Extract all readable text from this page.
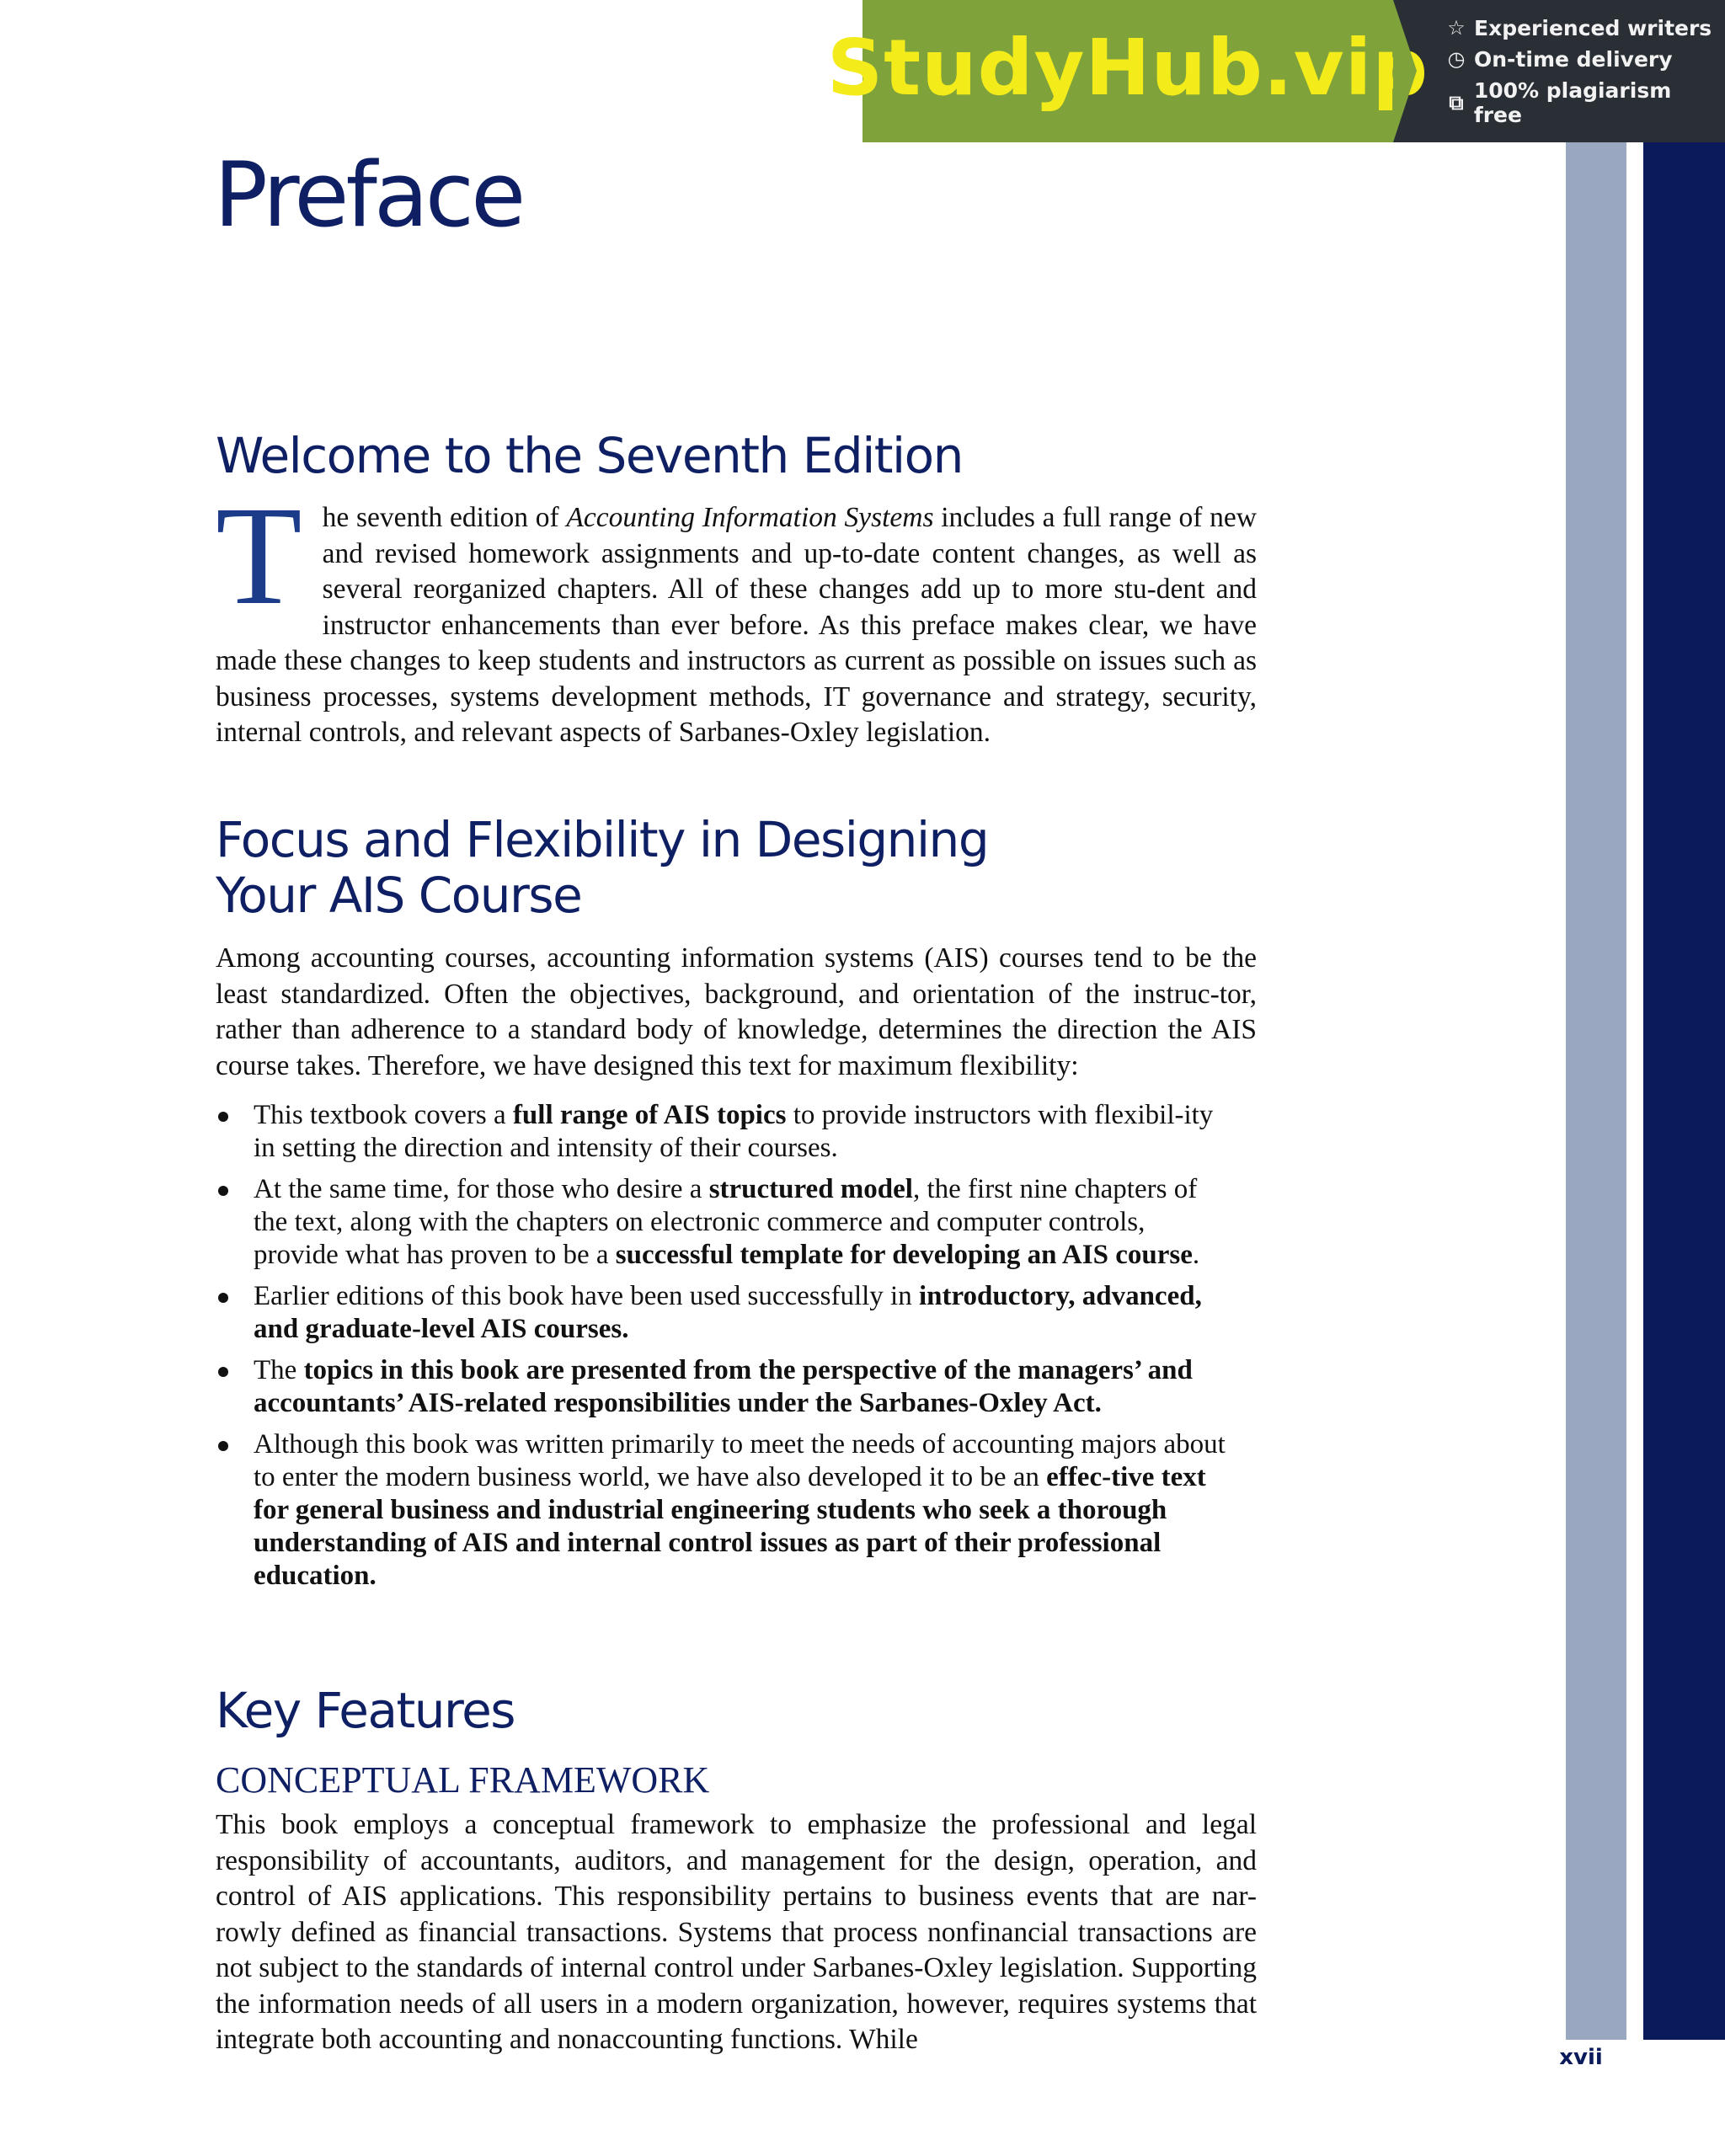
StudyHub.vip ☆ Experienced writers
◷ On-time delivery
⧉ 100% plagiarism free
xvii
Preface
Welcome to the Seventh Edition

The seventh edition of Accounting Information Systems includes a full range of new and revised homework assignments and up-to-date content changes, as well as several reorganized chapters. All of these changes add up to more stu-dent and instructor enhancements than ever before. As this preface makes clear, we have made these changes to keep students and instructors as current as possible on issues such as business processes, systems development methods, IT governance and strategy, security, internal controls, and relevant aspects of Sarbanes-Oxley legislation.

Focus and Flexibility in Designing
Your AIS Course

Among accounting courses, accounting information systems (AIS) courses tend to be the least standardized. Often the objectives, background, and orientation of the instruc-tor, rather than adherence to a standard body of knowledge, determines the direction the AIS course takes. Therefore, we have designed this text for maximum flexibility:

This textbook covers a full range of AIS topics to provide instructors with flexibil-ity in setting the direction and intensity of their courses.
At the same time, for those who desire a structured model, the first nine chapters of the text, along with the chapters on electronic commerce and computer controls, provide what has proven to be a successful template for developing an AIS course.
Earlier editions of this book have been used successfully in introductory, advanced, and graduate-level AIS courses.
The topics in this book are presented from the perspective of the managers’ and accountants’ AIS-related responsibilities under the Sarbanes-Oxley Act.
Although this book was written primarily to meet the needs of accounting majors about to enter the modern business world, we have also developed it to be an effec-tive text for general business and industrial engineering students who seek a thorough understanding of AIS and internal control issues as part of their professional education.
Key Features
CONCEPTUAL FRAMEWORK

This book employs a conceptual framework to emphasize the professional and legal responsibility of accountants, auditors, and management for the design, operation, and control of AIS applications. This responsibility pertains to business events that are nar-rowly defined as financial transactions. Systems that process nonfinancial transactions are not subject to the standards of internal control under Sarbanes-Oxley legislation. Supporting the information needs of all users in a modern organization, however, requires systems that integrate both accounting and nonaccounting functions. While
